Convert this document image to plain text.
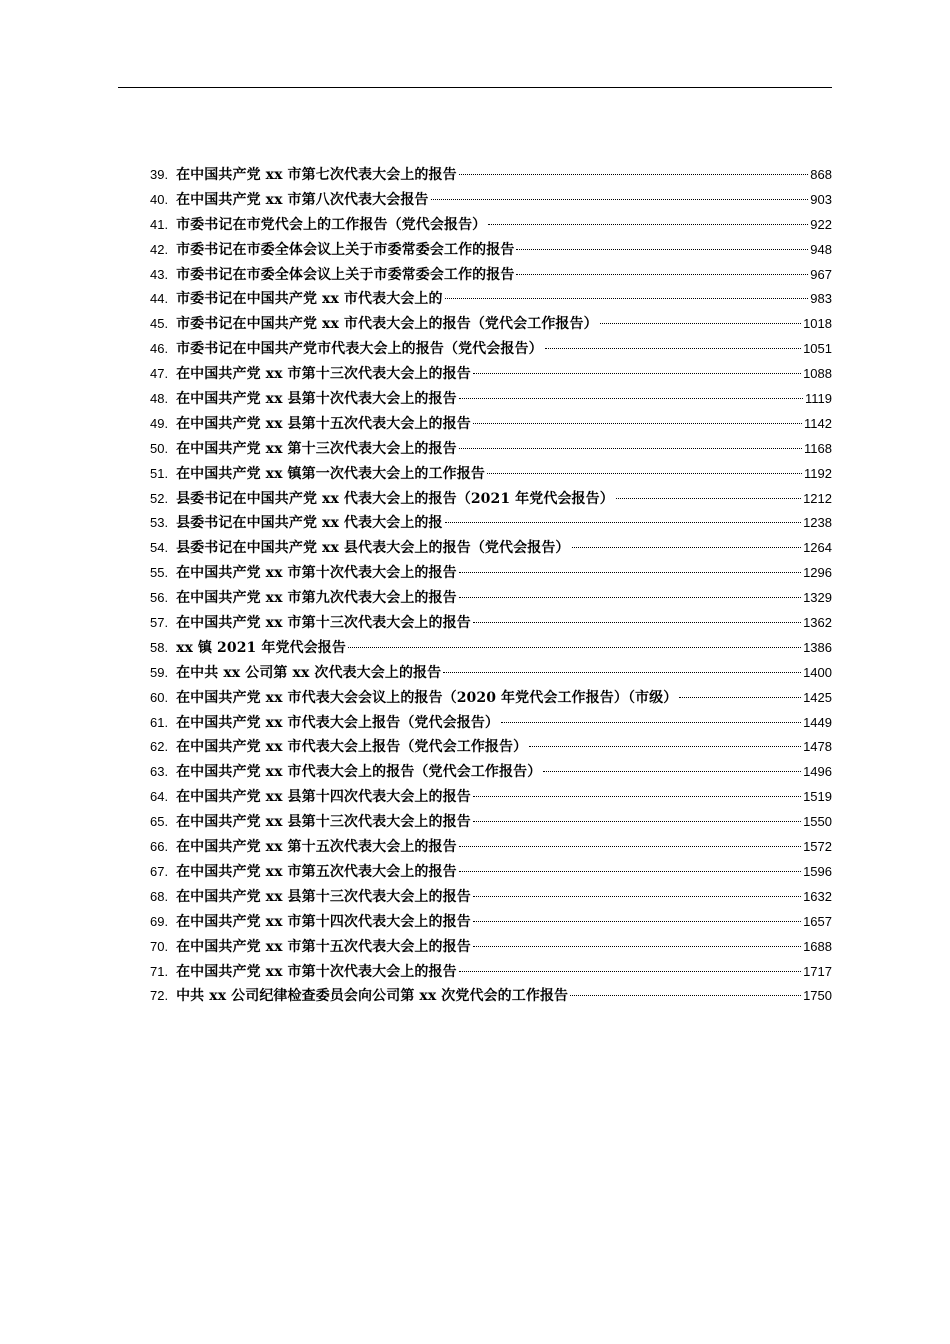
39. 在中国共产党 xx 市第七次代表大会上的报告	868
40. 在中国共产党 xx 市第八次代表大会报告	903
41. 市委书记在市党代会上的工作报告（党代会报告）	922
42. 市委书记在市委全体会议上关于市委常委会工作的报告	948
43. 市委书记在市委全体会议上关于市委常委会工作的报告	967
44. 市委书记在中国共产党 xx 市代表大会上的	983
45. 市委书记在中国共产党 xx 市代表大会上的报告（党代会工作报告）	1018
46. 市委书记在中国共产党市代表大会上的报告（党代会报告）	1051
47. 在中国共产党 xx 市第十三次代表大会上的报告	1088
48. 在中国共产党 xx 县第十次代表大会上的报告	1119
49. 在中国共产党 xx 县第十五次代表大会上的报告	1142
50. 在中国共产党 xx 第十三次代表大会上的报告	1168
51. 在中国共产党 xx 镇第一次代表大会上的工作报告	1192
52. 县委书记在中国共产党 xx 代表大会上的报告（2021 年党代会报告）	1212
53. 县委书记在中国共产党 xx 代表大会上的报	1238
54. 县委书记在中国共产党 xx 县代表大会上的报告（党代会报告）	1264
55. 在中国共产党 xx 市第十次代表大会上的报告	1296
56. 在中国共产党 xx 市第九次代表大会上的报告	1329
57. 在中国共产党 xx 市第十三次代表大会上的报告	1362
58. xx 镇 2021 年党代会报告	1386
59. 在中共 xx 公司第 xx 次代表大会上的报告	1400
60. 在中国共产党 xx 市代表大会会议上的报告（2020 年党代会工作报告）（市级）	1425
61. 在中国共产党 xx 市代表大会上报告（党代会报告）	1449
62. 在中国共产党 xx 市代表大会上报告（党代会工作报告）	1478
63. 在中国共产党 xx 市代表大会上的报告（党代会工作报告）	1496
64. 在中国共产党 xx 县第十四次代表大会上的报告	1519
65. 在中国共产党 xx 县第十三次代表大会上的报告	1550
66. 在中国共产党 xx 第十五次代表大会上的报告	1572
67. 在中国共产党 xx 市第五次代表大会上的报告	1596
68. 在中国共产党 xx 县第十三次代表大会上的报告	1632
69. 在中国共产党 xx 市第十四次代表大会上的报告	1657
70. 在中国共产党 xx 市第十五次代表大会上的报告	1688
71. 在中国共产党 xx 市第十次代表大会上的报告	1717
72. 中共 xx 公司纪律检查委员会向公司第 xx 次党代会的工作报告	1750
